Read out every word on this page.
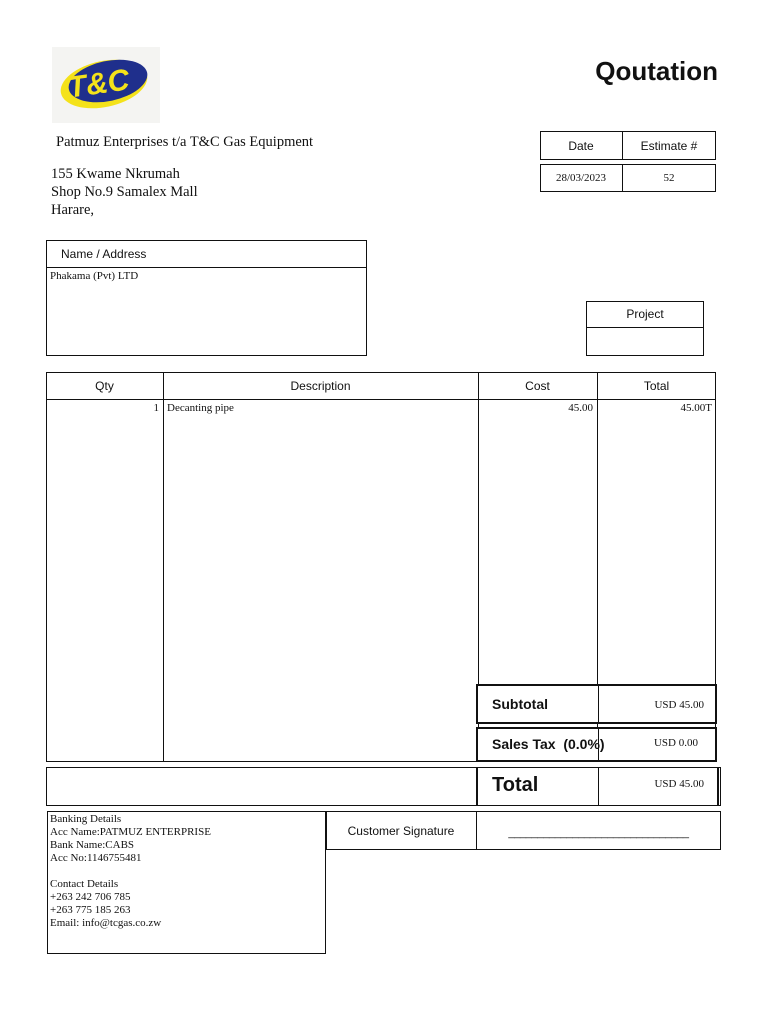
T&C	Qoutation
Patmuz Enterprises t/a T&C Gas Equipment
155 Kwame Nkrumah
Shop No.9 Samalex Mall
Harare,
Date	Estimate #
28/03/2023	52
Name / Address
Phakama (Pvt) LTD
Project
Qty	Description	Cost	Total
1 Decanting pipe	45.00	45.00T
Subtotal	USD 45.00
Sales Tax  (0.0%)	USD 0.00
Total	USD 45.00
Customer Signature	_______________________________
Banking Details
Acc Name:PATMUZ ENTERPRISE
Bank Name:CABS
Acc No:1146755481
Contact Details
+263 242 706 785
+263 775 185 263
Email: info@tcgas.co.zw
